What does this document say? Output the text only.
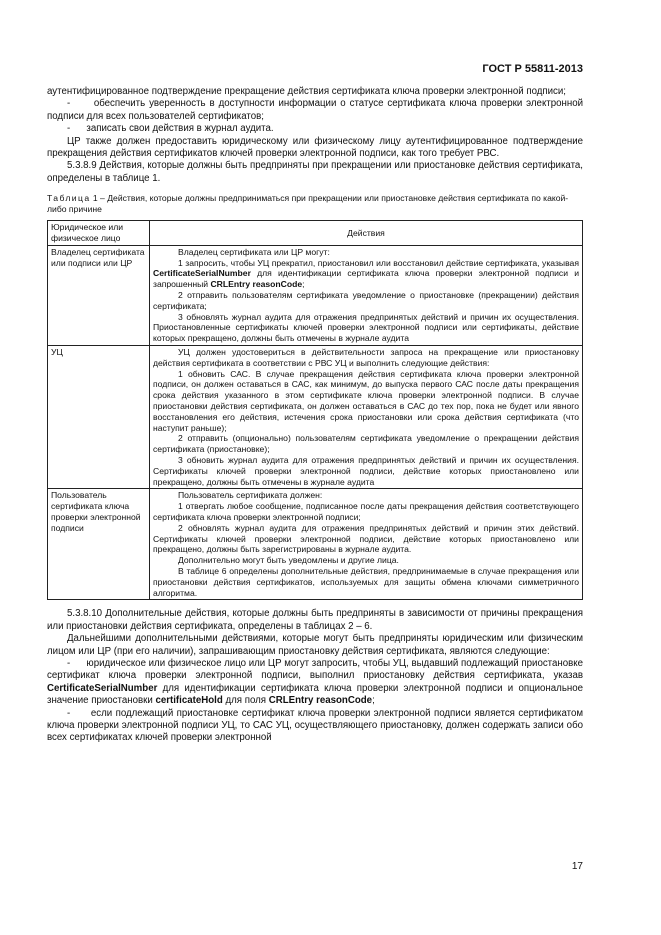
ГОСТ Р 55811-2013

аутентифицированное подтверждение прекращение действия сертификата ключа проверки электронной подписи;

- обеспечить уверенность в доступности информации о статусе сертификата ключа проверки электронной подписи для всех пользователей сертификатов;

- записать свои действия в журнал аудита.

ЦР также должен предоставить юридическому или физическому лицу аутентифицированное подтверждение прекращения действия сертификатов ключей проверки электронной подписи, как того требует РВС.

5.3.8.9 Действия, которые должны быть предприняты при прекращении или приостановке действия сертификата, определены в таблице 1.

Таблица 1 – Действия, которые должны предприниматься при прекращении или приостановке действия сертификата по какой-либо причине

Юридическое или физическое лицо	Действия
Владелец сертификата или подписи или ЦР	Владелец сертификата или ЦР могут:

1 запросить, чтобы УЦ прекратил, приостановил или восстановил действие сертификата, указывая CertificateSerialNumber для идентификации сертификата ключа проверки электронной подписи и запрошенный CRLEntry reasonCode;

2 отправить пользователям сертификата уведомление о приостановке (прекращении) действия сертификата;

3 обновлять журнал аудита для отражения предпринятых действий и причин их осуществления. Приостановленные сертификаты ключей проверки электронной подписи или сертификаты, действие которых прекращено, должны быть отмечены в журнале аудита

УЦ	УЦ должен удостовериться в действительности запроса на прекращение или приостановку действия сертификата в соответствии с РВС УЦ и выполнить следующие действия:

1 обновить САС. В случае прекращения действия сертификата ключа проверки электронной подписи, он должен оставаться в САС, как минимум, до выпуска первого САС после даты прекращения срока действия указанного в этом сертификате ключа проверки электронной подписи. В случае приостановки действия сертификата, он должен оставаться в САС до тех пор, пока не будет или явного восстановления его действия, истечения срока приостановки или срока действия сертификата (что наступит раньше);

2 отправить (опционально) пользователям сертификата уведомление о прекращении действия сертификата (приостановке);

3 обновить журнал аудита для отражения предпринятых действий и причин их осуществления. Сертификаты ключей проверки электронной подписи, действие которых приостановлено или прекращено, должны быть отмечены в журнале аудита

Пользователь сертификата ключа проверки электронной подписи	Пользователь сертификата должен:

1 отвергать любое сообщение, подписанное после даты прекращения действия соответствующего сертификата ключа проверки электронной подписи;

2 обновлять журнал аудита для отражения предпринятых действий и причин этих действий. Сертификаты ключей проверки электронной подписи, действие которых приостановлено или прекращено, должны быть зарегистрированы в журнале аудита.

Дополнительно могут быть уведомлены и другие лица.

В таблице 6 определены дополнительные действия, предпринимаемые в случае прекращения или приостановки действия сертификатов, используемых для защиты обмена ключами симметричного алгоритма.

5.3.8.10 Дополнительные действия, которые должны быть предприняты в зависимости от причины прекращения или приостановки действия сертификата, определены в таблицах 2 – 6.

Дальнейшими дополнительными действиями, которые могут быть предприняты юридическим или физическим лицом или ЦР (при его наличии), запрашивающим приостановку действия сертификата, являются следующие:

- юридическое или физическое лицо или ЦР могут запросить, чтобы УЦ, выдавший подлежащий приостановке сертификат ключа проверки электронной подписи, выполнил приостановку действия сертификата, указав CertificateSerialNumber для идентификации сертификата ключа проверки электронной подписи и опциональное значение приостановки certificateHold для поля CRLEntry reasonCode;

- если подлежащий приостановке сертификат ключа проверки электронной подписи является сертификатом ключа проверки электронной подписи УЦ, то САС УЦ, осуществляющего приостановку, должен содержать записи обо всех сертификатах ключей проверки электронной

17
